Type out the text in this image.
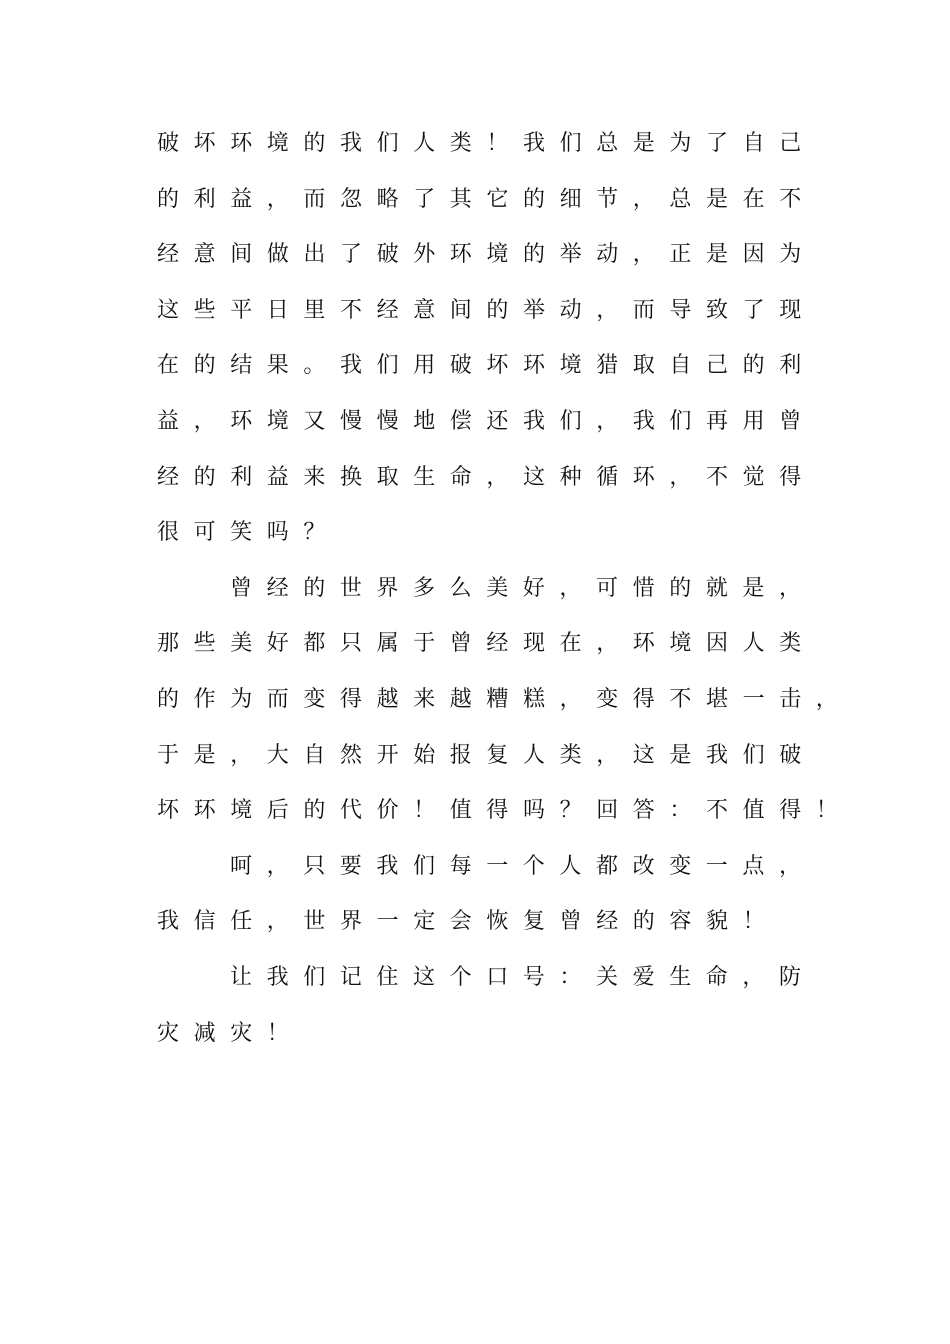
破坏环境的我们人类！我们总是为了自己
的利益，而忽略了其它的细节，总是在不
经意间做出了破外环境的举动，正是因为
这些平日里不经意间的举动，而导致了现
在的结果。我们用破坏环境猎取自己的利
益，环境又慢慢地偿还我们，我们再用曾
经的利益来换取生命，这种循环，不觉得
很可笑吗？
曾经的世界多么美好，可惜的就是，
那些美好都只属于曾经现在，环境因人类
的作为而变得越来越糟糕，变得不堪一击，
于是，大自然开始报复人类，这是我们破
坏环境后的代价！值得吗？回答：不值得！
呵，只要我们每一个人都改变一点，
我信任，世界一定会恢复曾经的容貌！
让我们记住这个口号：关爱生命，防
灾减灾！
